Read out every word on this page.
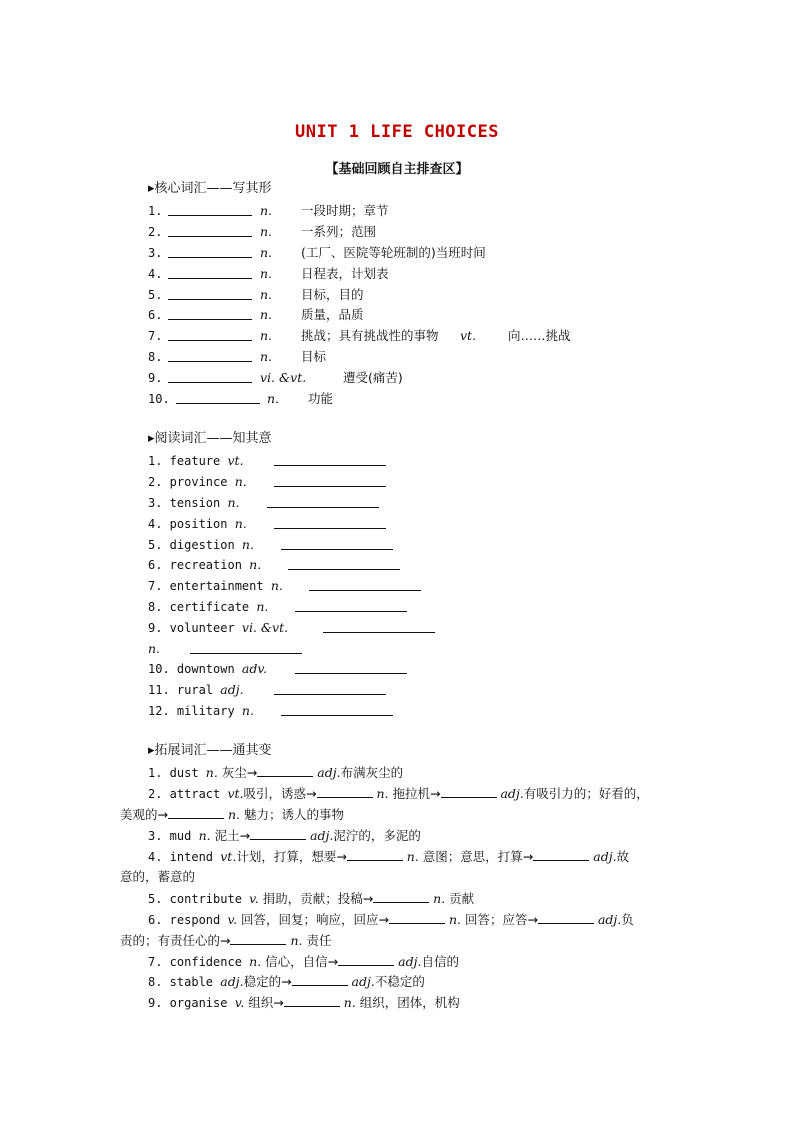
UNIT 1 LIFE CHOICES
【基础回顾自主排查区】
▸核心词汇——写其形
1.	n. 一段时期；章节
2.	n. 一系列；范围
3.	n. (工厂、医院等轮班制的)当班时间
4.	n. 日程表，计划表
5.	n. 目标，目的
6.	n. 质量，品质
7.	n. 挑战；具有挑战性的事物 vt.	向……挑战
8.	n. 目标
9.	vi. &vt.	遭受(痛苦)
10.	n. 功能
▸阅读词汇——知其意
1. feature vt.
2. province n.
3. tension n.
4. position n.
5. digestion n.
6. recreation n.
7. entertainment n.
8. certificate n.
9. volunteer vi. &vt.
n.
10. downtown adv.
11. rural adj.
12. military n.
▸拓展词汇——通其变
1. dust n. 灰尘→	adj.布满灰尘的
2. attract vt.吸引，诱惑→	n. 拖拉机→	adj.有吸引力的；好看的，
美观的→	n. 魅力；诱人的事物
3. mud n. 泥土→	adj.泥泞的，多泥的
4. intend vt.计划，打算，想要→	n. 意图；意思，打算→	adj.故
意的，蓄意的
5. contribute v. 捐助，贡献；投稿→	n. 贡献
6. respond v. 回答，回复；响应，回应→	n. 回答；应答→	adj.负
责的；有责任心的→	n. 责任
7. confidence n. 信心，自信→	adj.自信的
8. stable adj.稳定的→	adj.不稳定的
9. organise v. 组织→	n. 组织，团体，机构
